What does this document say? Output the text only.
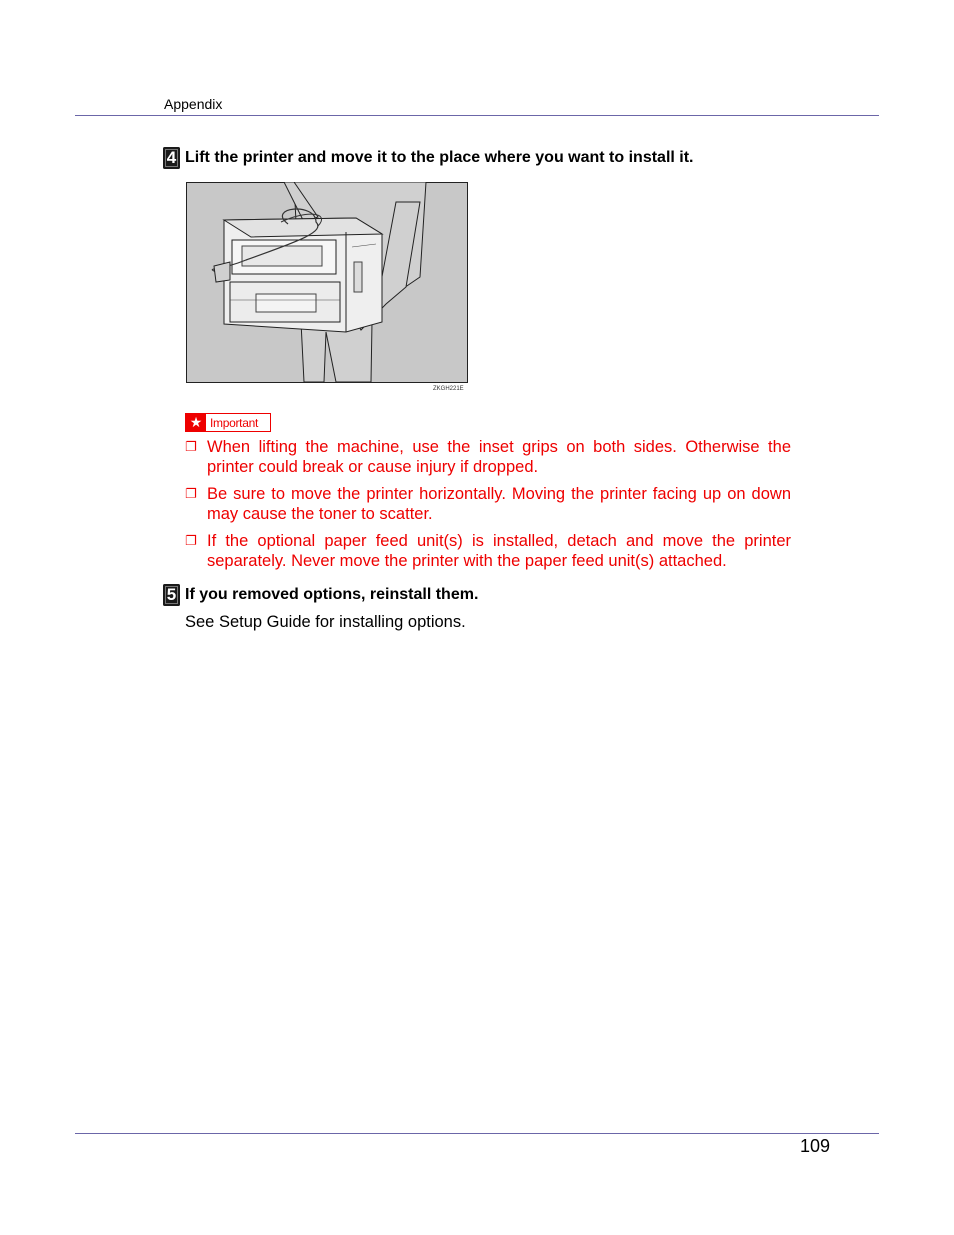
Appendix
4 Lift the printer and move it to the place where you want to install it.
ZKGH221E
★ Important
❐ When lifting the machine, use the inset grips on both sides. Otherwise the printer could break or cause injury if dropped.
❐ Be sure to move the printer horizontally. Moving the printer facing up on down may cause the toner to scatter.
❐ If the optional paper feed unit(s) is installed, detach and move the printer separately. Never move the printer with the paper feed unit(s) attached.
5 If you removed options, reinstall them.
See Setup Guide for installing options.
109
